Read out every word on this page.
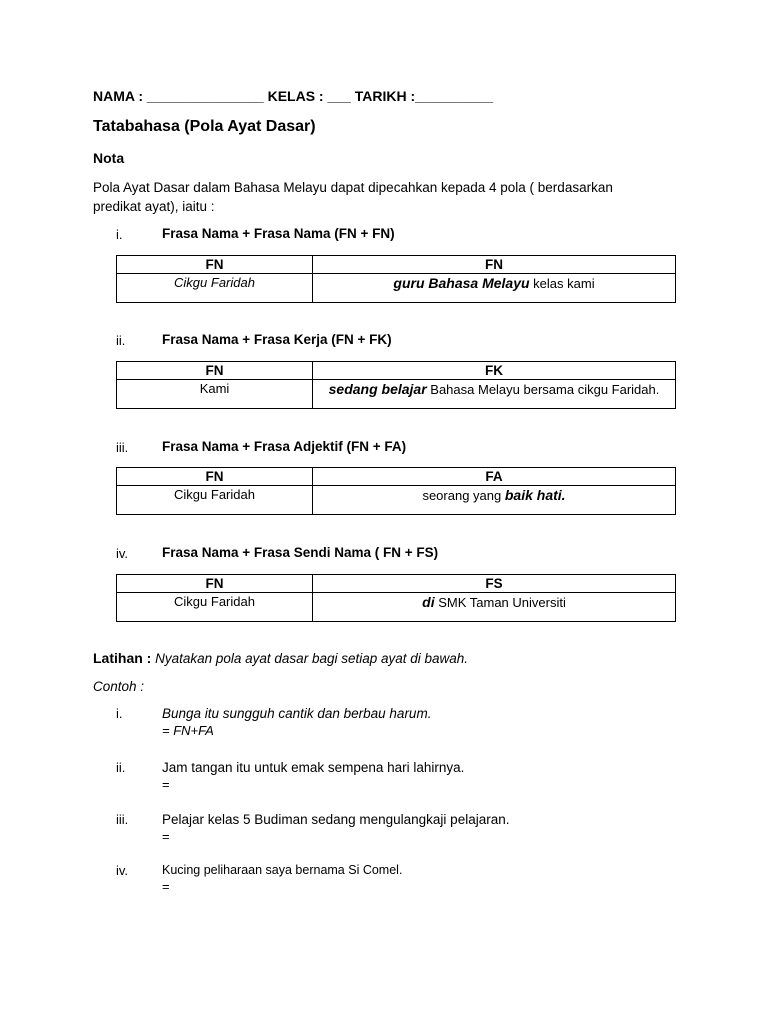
NAMA : _______________ KELAS : ___ TARIKH :__________
Tatabahasa (Pola Ayat Dasar)
Nota
Pola Ayat Dasar dalam Bahasa Melayu dapat dipecahkan kepada 4 pola ( berdasarkan predikat ayat), iaitu :
i.	Frasa Nama + Frasa Nama (FN + FN)
FN	FN
Cikgu Faridah	guru Bahasa Melayu kelas kami
ii.	Frasa Nama + Frasa Kerja (FN + FK)
FN	FK
Kami	sedang belajar Bahasa Melayu bersama cikgu Faridah.
iii. Frasa Nama + Frasa Adjektif (FN + FA)
FN	FA
Cikgu Faridah	seorang yang baik hati.
iv.	Frasa Nama + Frasa Sendi Nama ( FN + FS)
FN	FS
Cikgu Faridah	di SMK Taman Universiti
Latihan : Nyatakan pola ayat dasar bagi setiap ayat di bawah.
Contoh :
i.	Bunga itu sungguh cantik dan berbau harum.
= FN+FA
ii.	Jam tangan itu untuk emak sempena hari lahirnya.
=
iii. Pelajar kelas 5 Budiman sedang mengulangkaji pelajaran.
=
iv.	Kucing peliharaan saya bernama Si Comel.
=
